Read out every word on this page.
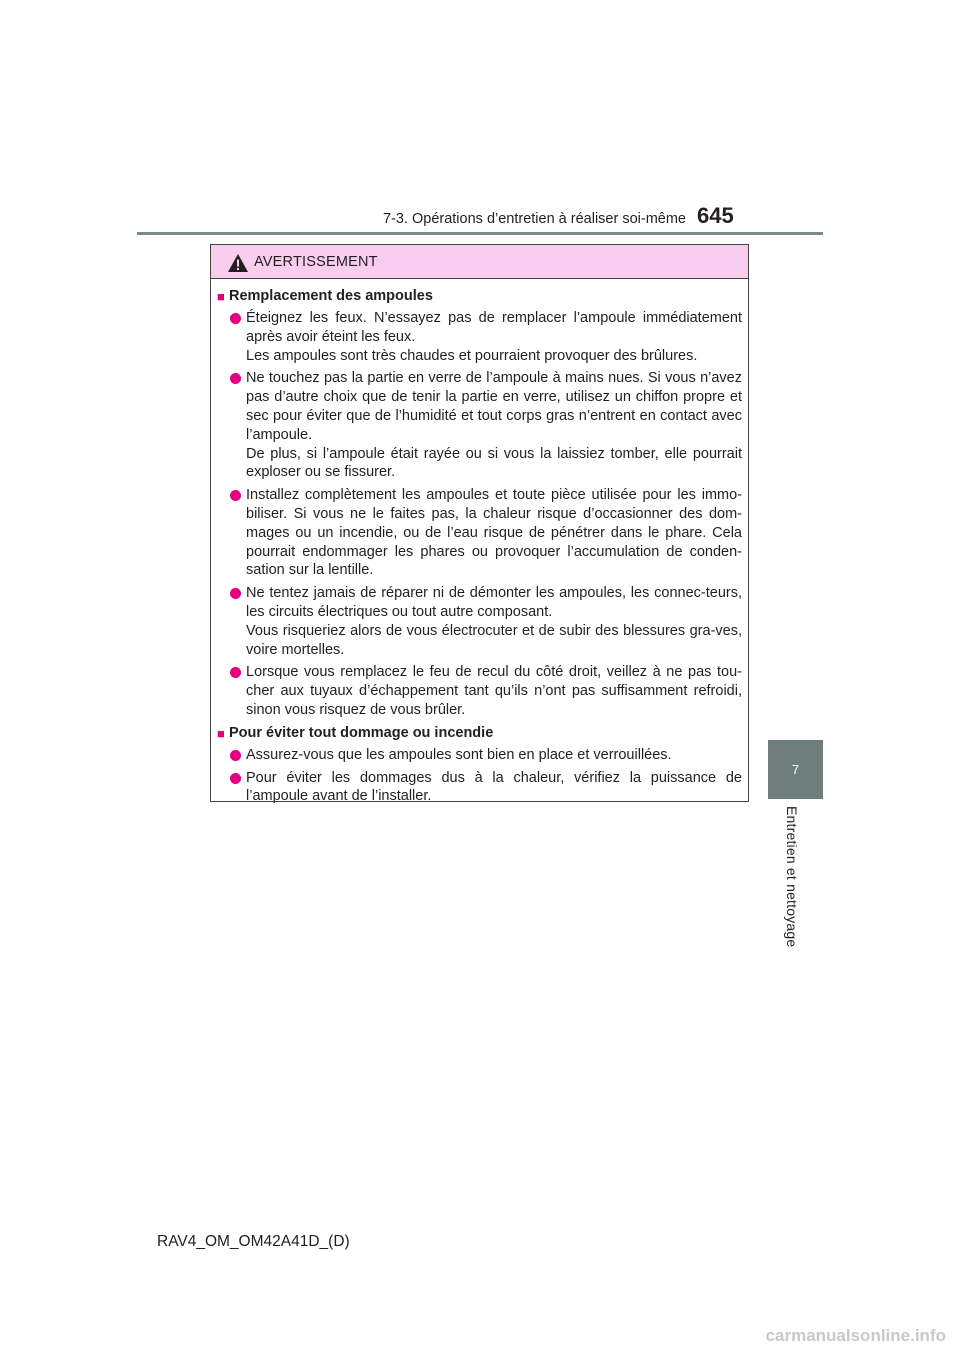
7-3. Opérations d’entretien à réaliser soi-même 645
7
Entretien et nettoyage
AVERTISSEMENT
■ Remplacement des ampoules
Éteignez les feux. N’essayez pas de remplacer l’ampoule immédiatement après avoir éteint les feux.
Les ampoules sont très chaudes et pourraient provoquer des brûlures.
Ne touchez pas la partie en verre de l’ampoule à mains nues. Si vous n’avez pas d’autre choix que de tenir la partie en verre, utilisez un chiffon propre et sec pour éviter que de l’humidité et tout corps gras n’entrent en contact avec l’ampoule.
De plus, si l’ampoule était rayée ou si vous la laissiez tomber, elle pourrait exploser ou se fissurer.
Installez complètement les ampoules et toute pièce utilisée pour les immo-biliser. Si vous ne le faites pas, la chaleur risque d’occasionner des dom-mages ou un incendie, ou de l’eau risque de pénétrer dans le phare. Cela pourrait endommager les phares ou provoquer l’accumulation de conden-sation sur la lentille.
Ne tentez jamais de réparer ni de démonter les ampoules, les connec-teurs, les circuits électriques ou tout autre composant.
Vous risqueriez alors de vous électrocuter et de subir des blessures gra-ves, voire mortelles.
Lorsque vous remplacez le feu de recul du côté droit, veillez à ne pas tou-cher aux tuyaux d’échappement tant qu’ils n’ont pas suffisamment refroidi, sinon vous risquez de vous brûler.
■ Pour éviter tout dommage ou incendie
Assurez-vous que les ampoules sont bien en place et verrouillées.
Pour éviter les dommages dus à la chaleur, vérifiez la puissance de l’ampoule avant de l’installer.
RAV4_OM_OM42A41D_(D)
carmanualsonline.info
